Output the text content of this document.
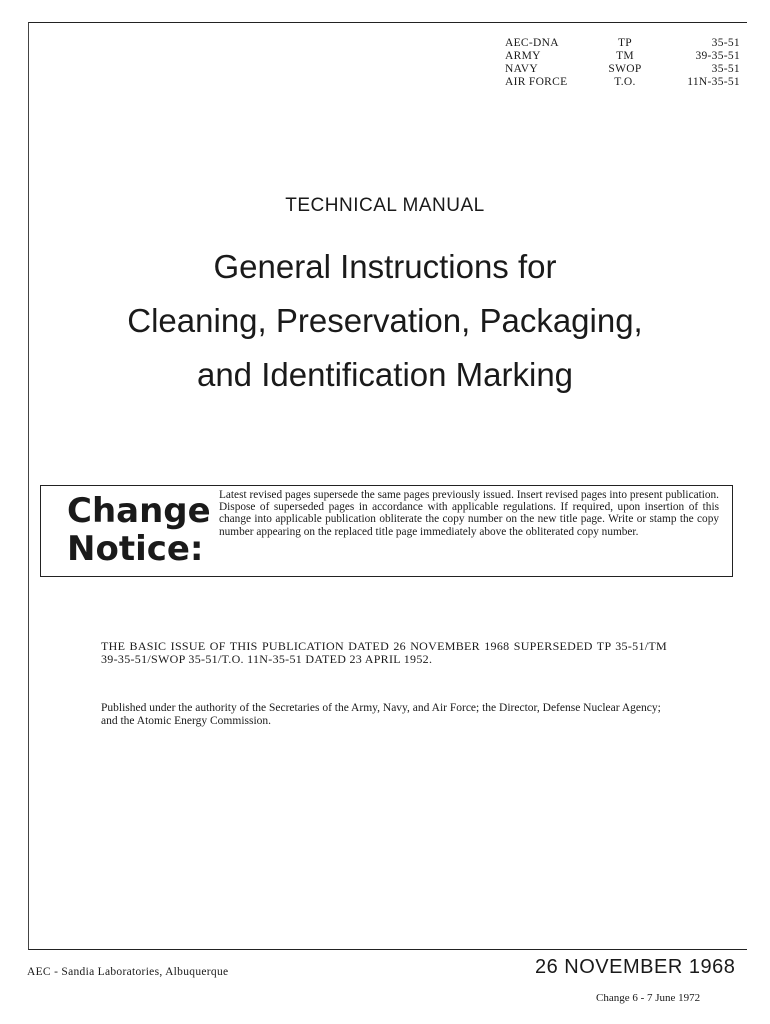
AEC-DNA	TP	35-51
ARMY	TM	39-35-51
NAVY	SWOP	35-51
AIR FORCE	T.O.	11N-35-51
TECHNICAL MANUAL
General Instructions for
Cleaning, Preservation, Packaging,
and Identification Marking
Change
Notice:
Latest revised pages supersede the same pages previously issued. Insert revised pages into present publication. Dispose of superseded pages in accordance with applicable regulations. If required, upon insertion of this change into applicable publication obliterate the copy number on the new title page. Write or stamp the copy number appearing on the replaced title page immediately above the obliterated copy number.
THE BASIC ISSUE OF THIS PUBLICATION DATED 26 NOVEMBER 1968 SUPERSEDED TP 35-51/TM 39-35-51/SWOP 35-51/T.O. 11N-35-51 DATED 23 APRIL 1952.
Published under the authority of the Secretaries of the Army, Navy, and Air Force; the Director, Defense Nuclear Agency; and the Atomic Energy Commission.
AEC - Sandia Laboratories, Albuquerque	26 NOVEMBER 1968
Change 6 - 7 June 1972
